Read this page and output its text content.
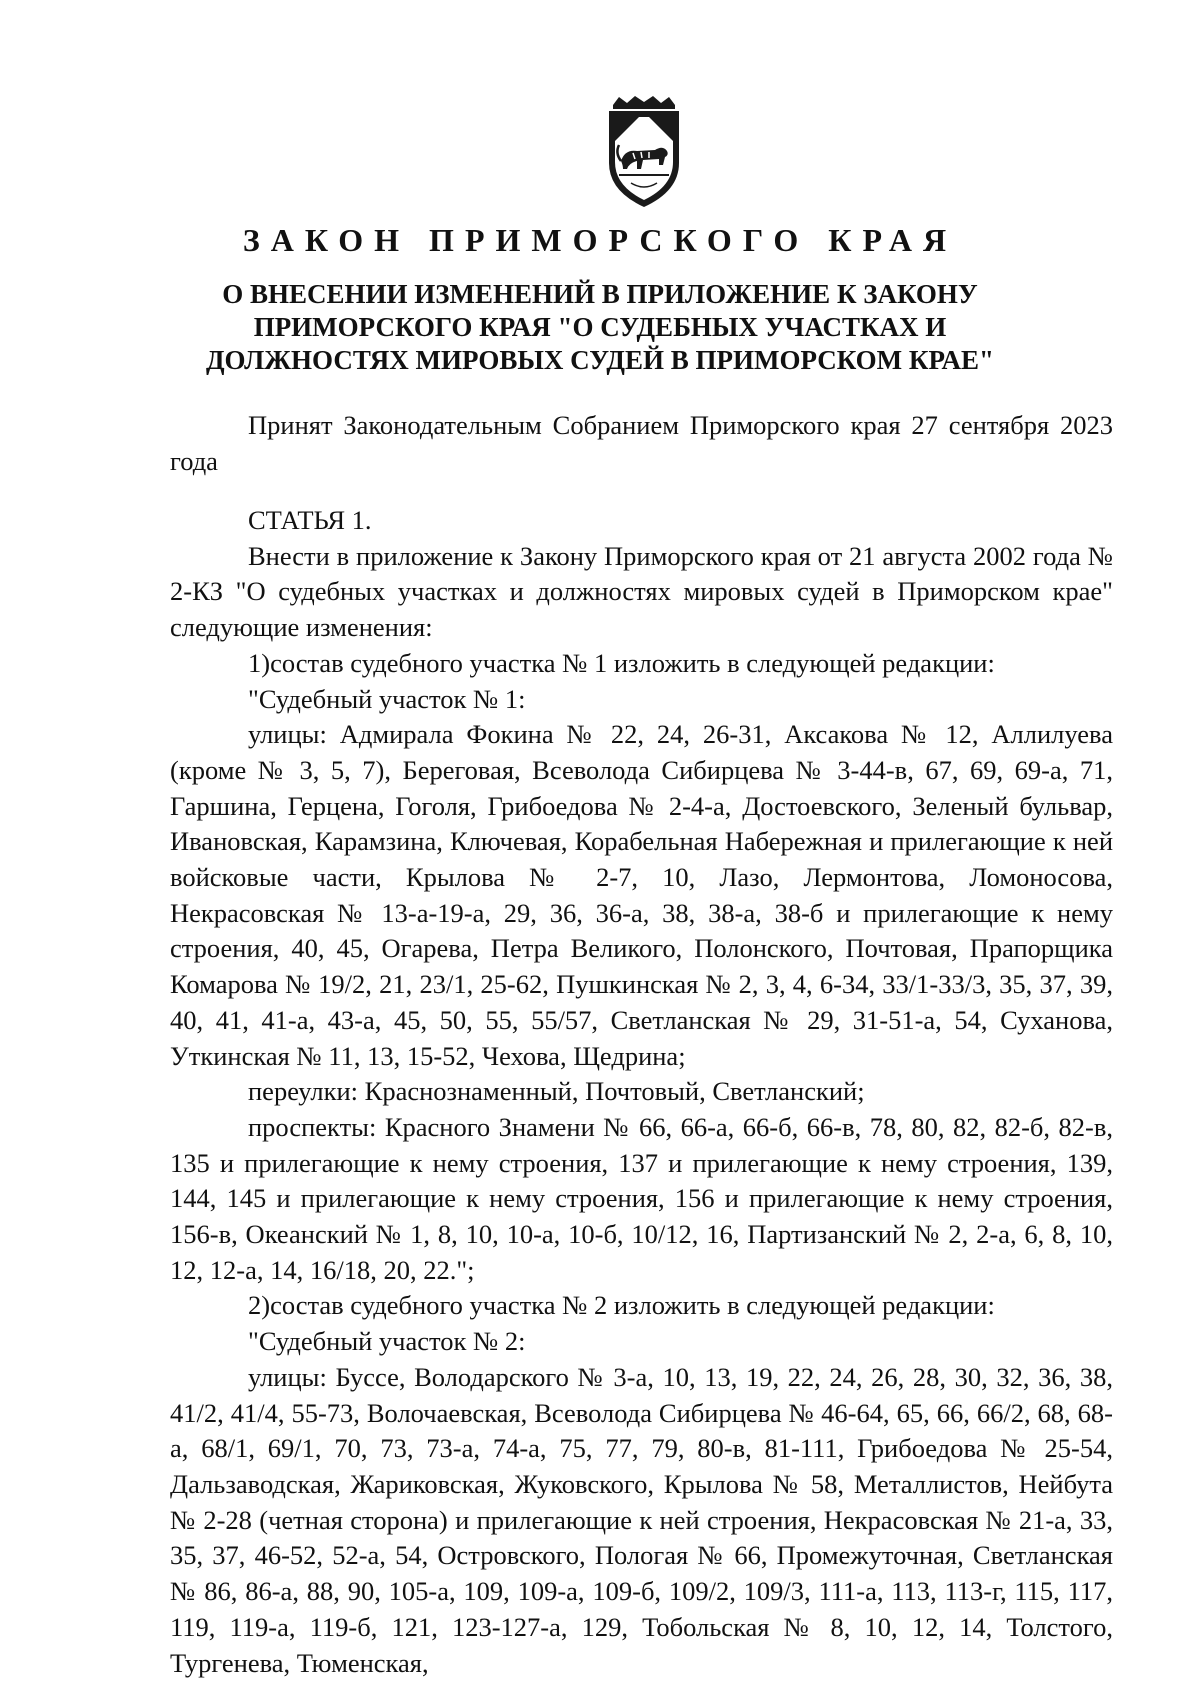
ЗАКОН ПРИМОРСКОГО КРАЯ
О ВНЕСЕНИИ ИЗМЕНЕНИЙ В ПРИЛОЖЕНИЕ К ЗАКОНУ
ПРИМОРСКОГО КРАЯ "О СУДЕБНЫХ УЧАСТКАХ И
ДОЛЖНОСТЯХ МИРОВЫХ СУДЕЙ В ПРИМОРСКОМ КРАЕ"

Принят Законодательным Собранием Приморского края 27 сентября 2023 года

СТАТЬЯ 1.

Внести в приложение к Закону Приморского края от 21 августа 2002 года № 2-КЗ "О судебных участках и должностях мировых судей в Приморском крае" следующие изменения:

1)состав судебного участка № 1 изложить в следующей редакции:

"Судебный участок № 1:

улицы: Адмирала Фокина № 22, 24, 26-31, Аксакова № 12, Аллилуева (кроме № 3, 5, 7), Береговая, Всеволода Сибирцева № 3-44-в, 67, 69, 69-а, 71, Гаршина, Герцена, Гоголя, Грибоедова № 2-4-а, Достоевского, Зеленый бульвар, Ивановская, Карамзина, Ключевая, Корабельная Набережная и прилегающие к ней войсковые части, Крылова № 2-7, 10, Лазо, Лермонтова, Ломоносова, Некрасовская № 13-а-19-а, 29, 36, 36-а, 38, 38-а, 38-б и прилегающие к нему строения, 40, 45, Огарева, Петра Великого, Полонского, Почтовая, Прапорщика Комарова № 19/2, 21, 23/1, 25-62, Пушкинская № 2, 3, 4, 6-34, 33/1-33/3, 35, 37, 39, 40, 41, 41-а, 43-а, 45, 50, 55, 55/57, Светланская № 29, 31-51-а, 54, Суханова, Уткинская № 11, 13, 15-52, Чехова, Щедрина;

переулки: Краснознаменный, Почтовый, Светланский;

проспекты: Красного Знамени № 66, 66-а, 66-б, 66-в, 78, 80, 82, 82-б, 82-в, 135 и прилегающие к нему строения, 137 и прилегающие к нему строения, 139, 144, 145 и прилегающие к нему строения, 156 и прилегающие к нему строения, 156-в, Океанский № 1, 8, 10, 10-а, 10-б, 10/12, 16, Партизанский № 2, 2-а, 6, 8, 10, 12, 12-а, 14, 16/18, 20, 22.";

2)состав судебного участка № 2 изложить в следующей редакции:

"Судебный участок № 2:

улицы: Буссе, Володарского № 3-а, 10, 13, 19, 22, 24, 26, 28, 30, 32, 36, 38, 41/2, 41/4, 55-73, Волочаевская, Всеволода Сибирцева № 46-64, 65, 66, 66/2, 68, 68-а, 68/1, 69/1, 70, 73, 73-а, 74-а, 75, 77, 79, 80-в, 81-111, Грибоедова № 25-54, Дальзаводская, Жариковская, Жуковского, Крылова № 58, Металлистов, Нейбута № 2-28 (четная сторона) и прилегающие к ней строения, Некрасовская № 21-а, 33, 35, 37, 46-52, 52-а, 54, Островского, Пологая № 66, Промежуточная, Светланская № 86, 86-а, 88, 90, 105-а, 109, 109-а, 109-б, 109/2, 109/3, 111-а, 113, 113-г, 115, 117, 119, 119-а, 119-б, 121, 123-127-а, 129, Тобольская № 8, 10, 12, 14, Толстого, Тургенева, Тюменская,
